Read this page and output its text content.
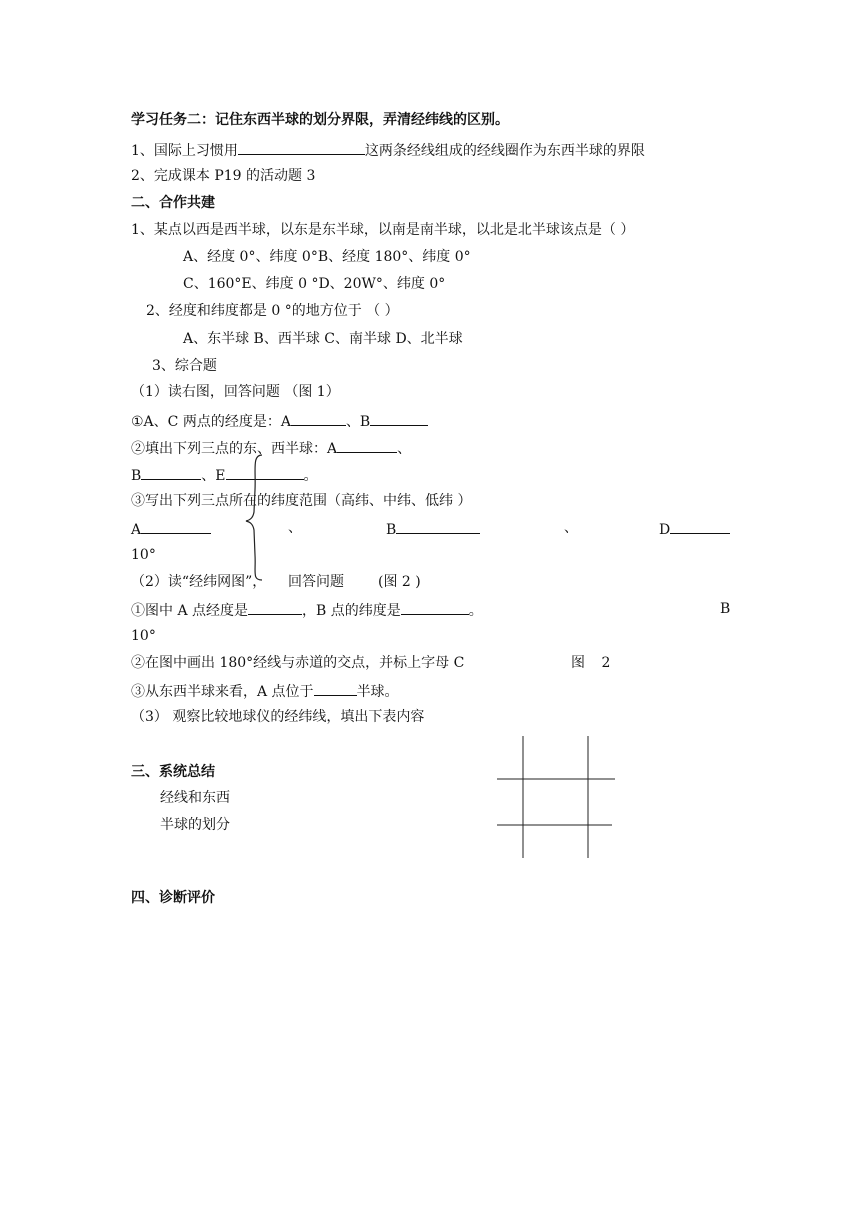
学习任务二：记住东西半球的划分界限，弄清经纬线的区别。
1、国际上习惯用	这两条经线组成的经线圈作为东西半球的界限
2、完成课本 P19 的活动题 3
二、合作共建
1、某点以西是西半球，以东是东半球，以南是南半球，以北是北半球该点是（ ）
A、经度 0°、纬度 0°B、经度 180°、纬度 0°
C、160°E、纬度 0 °D、20W°、纬度 0°
2、经度和纬度都是 0 °的地方位于 （ ）
A、东半球 B、西半球 C、南半球 D、北半球
3、综合题
（1）读右图，回答问题 （图 1）
①A、C 两点的经度是：A	、B
②填出下列三点的东、西半球：A	、
B	、E	。
③写出下列三点所在的纬度范围（高纬、中纬、低纬 ）
A	、	B	、	D
10°
（2）读“经纬网图”， 回答问题 (图 2 )
①图中 A 点经度是	，B 点的纬度是	。	B
10°
②在图中画出 180°经线与赤道的交点，并标上字母 C	图 2
③从东西半球来看，A 点位于	半球。
（3） 观察比较地球仪的经纬线，填出下表内容
三、系统总结
经线和东西
半球的划分
四、诊断评价
